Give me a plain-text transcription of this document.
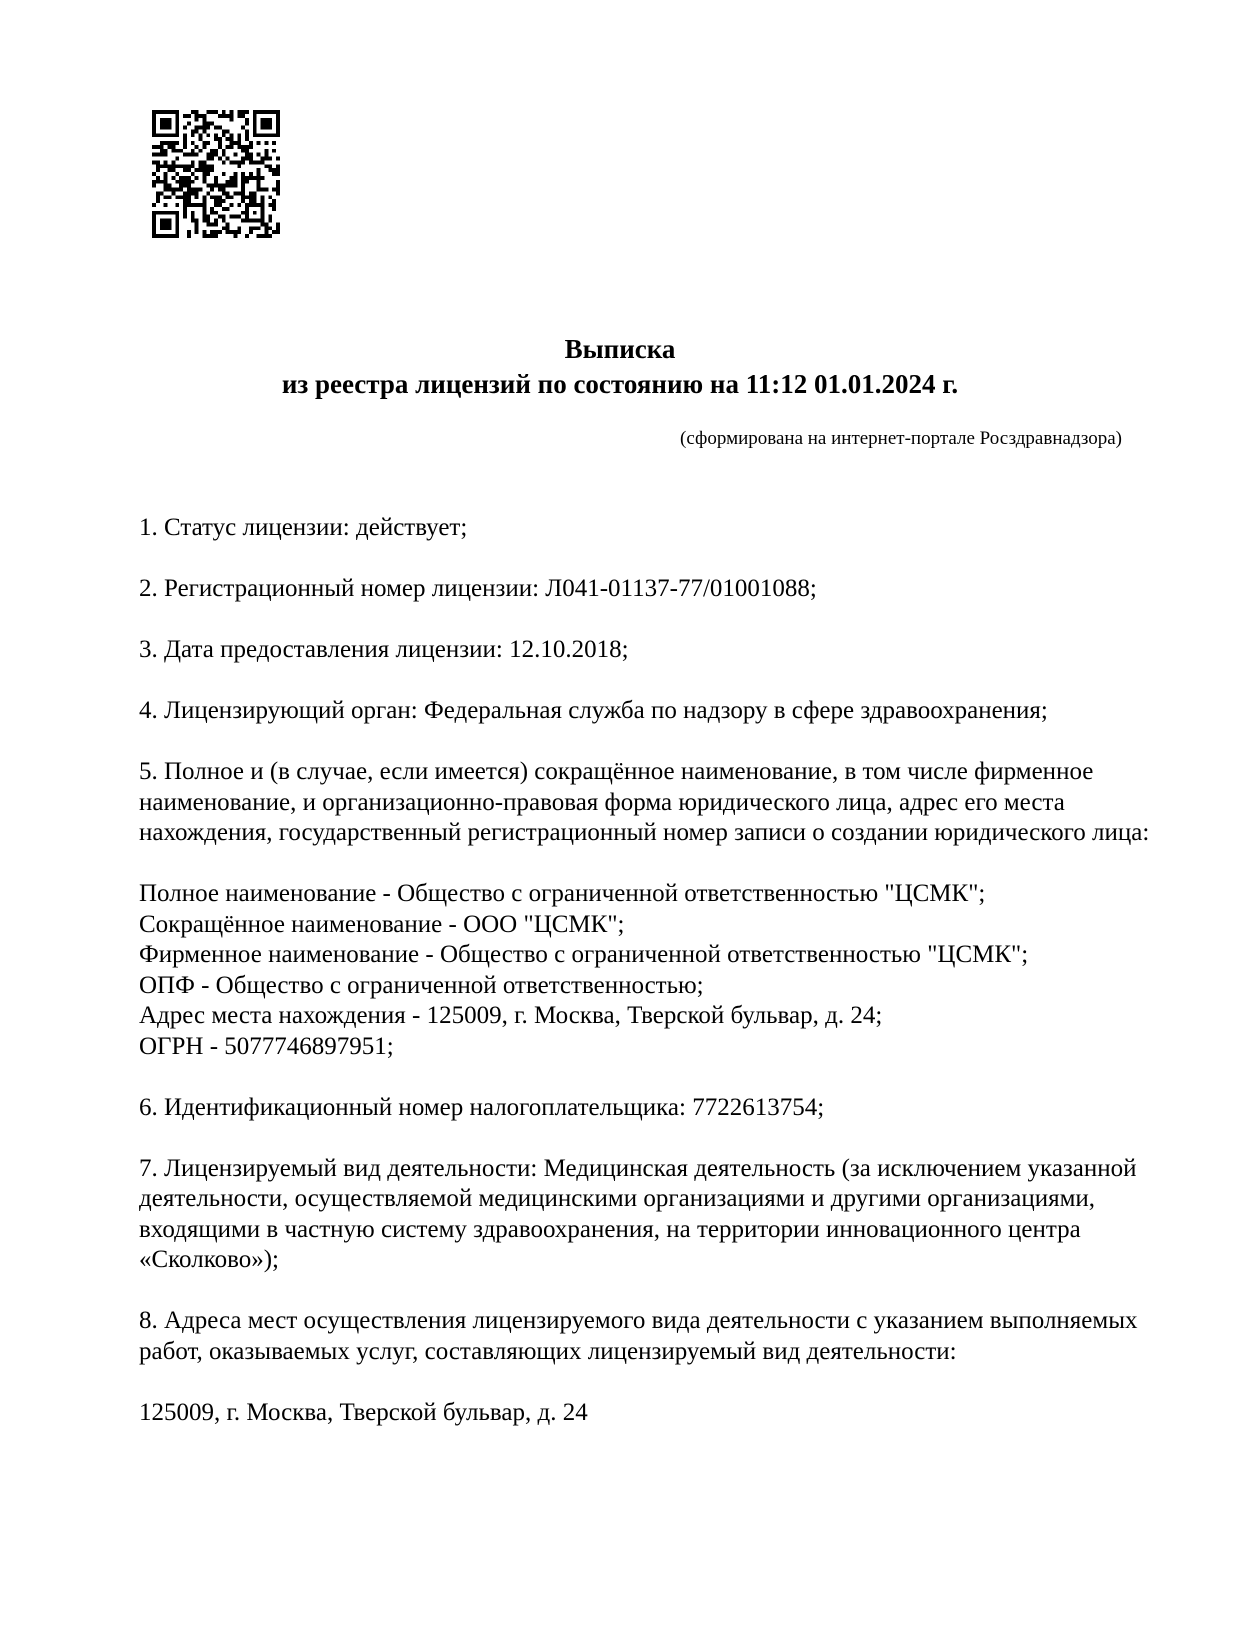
Выписка
из реестра лицензий по состоянию на 11:12 01.01.2024 г.
(сформирована на интернет-портале Росздравнадзора)
1. Статус лицензии: действует;
2. Регистрационный номер лицензии: Л041-01137-77/01001088;
3. Дата предоставления лицензии: 12.10.2018;
4. Лицензирующий орган: Федеральная служба по надзору в сфере здравоохранения;
5. Полное и (в случае, если имеется) сокращённое наименование, в том числе фирменное
наименование, и организационно-правовая форма юридического лица, адрес его места
нахождения, государственный регистрационный номер записи о создании юридического лица:
Полное наименование - Общество с ограниченной ответственностью "ЦСМК";
Сокращённое наименование - ООО "ЦСМК";
Фирменное наименование - Общество с ограниченной ответственностью "ЦСМК";
ОПФ - Общество с ограниченной ответственностью;
Адрес места нахождения - 125009, г. Москва, Тверской бульвар, д. 24;
ОГРН - 5077746897951;
6. Идентификационный номер налогоплательщика: 7722613754;
7. Лицензируемый вид деятельности: Медицинская деятельность (за исключением указанной
деятельности, осуществляемой медицинскими организациями и другими организациями,
входящими в частную систему здравоохранения, на территории инновационного центра
«Сколково»);
8. Адреса мест осуществления лицензируемого вида деятельности с указанием выполняемых
работ, оказываемых услуг, составляющих лицензируемый вид деятельности:
125009, г. Москва, Тверской бульвар, д. 24
